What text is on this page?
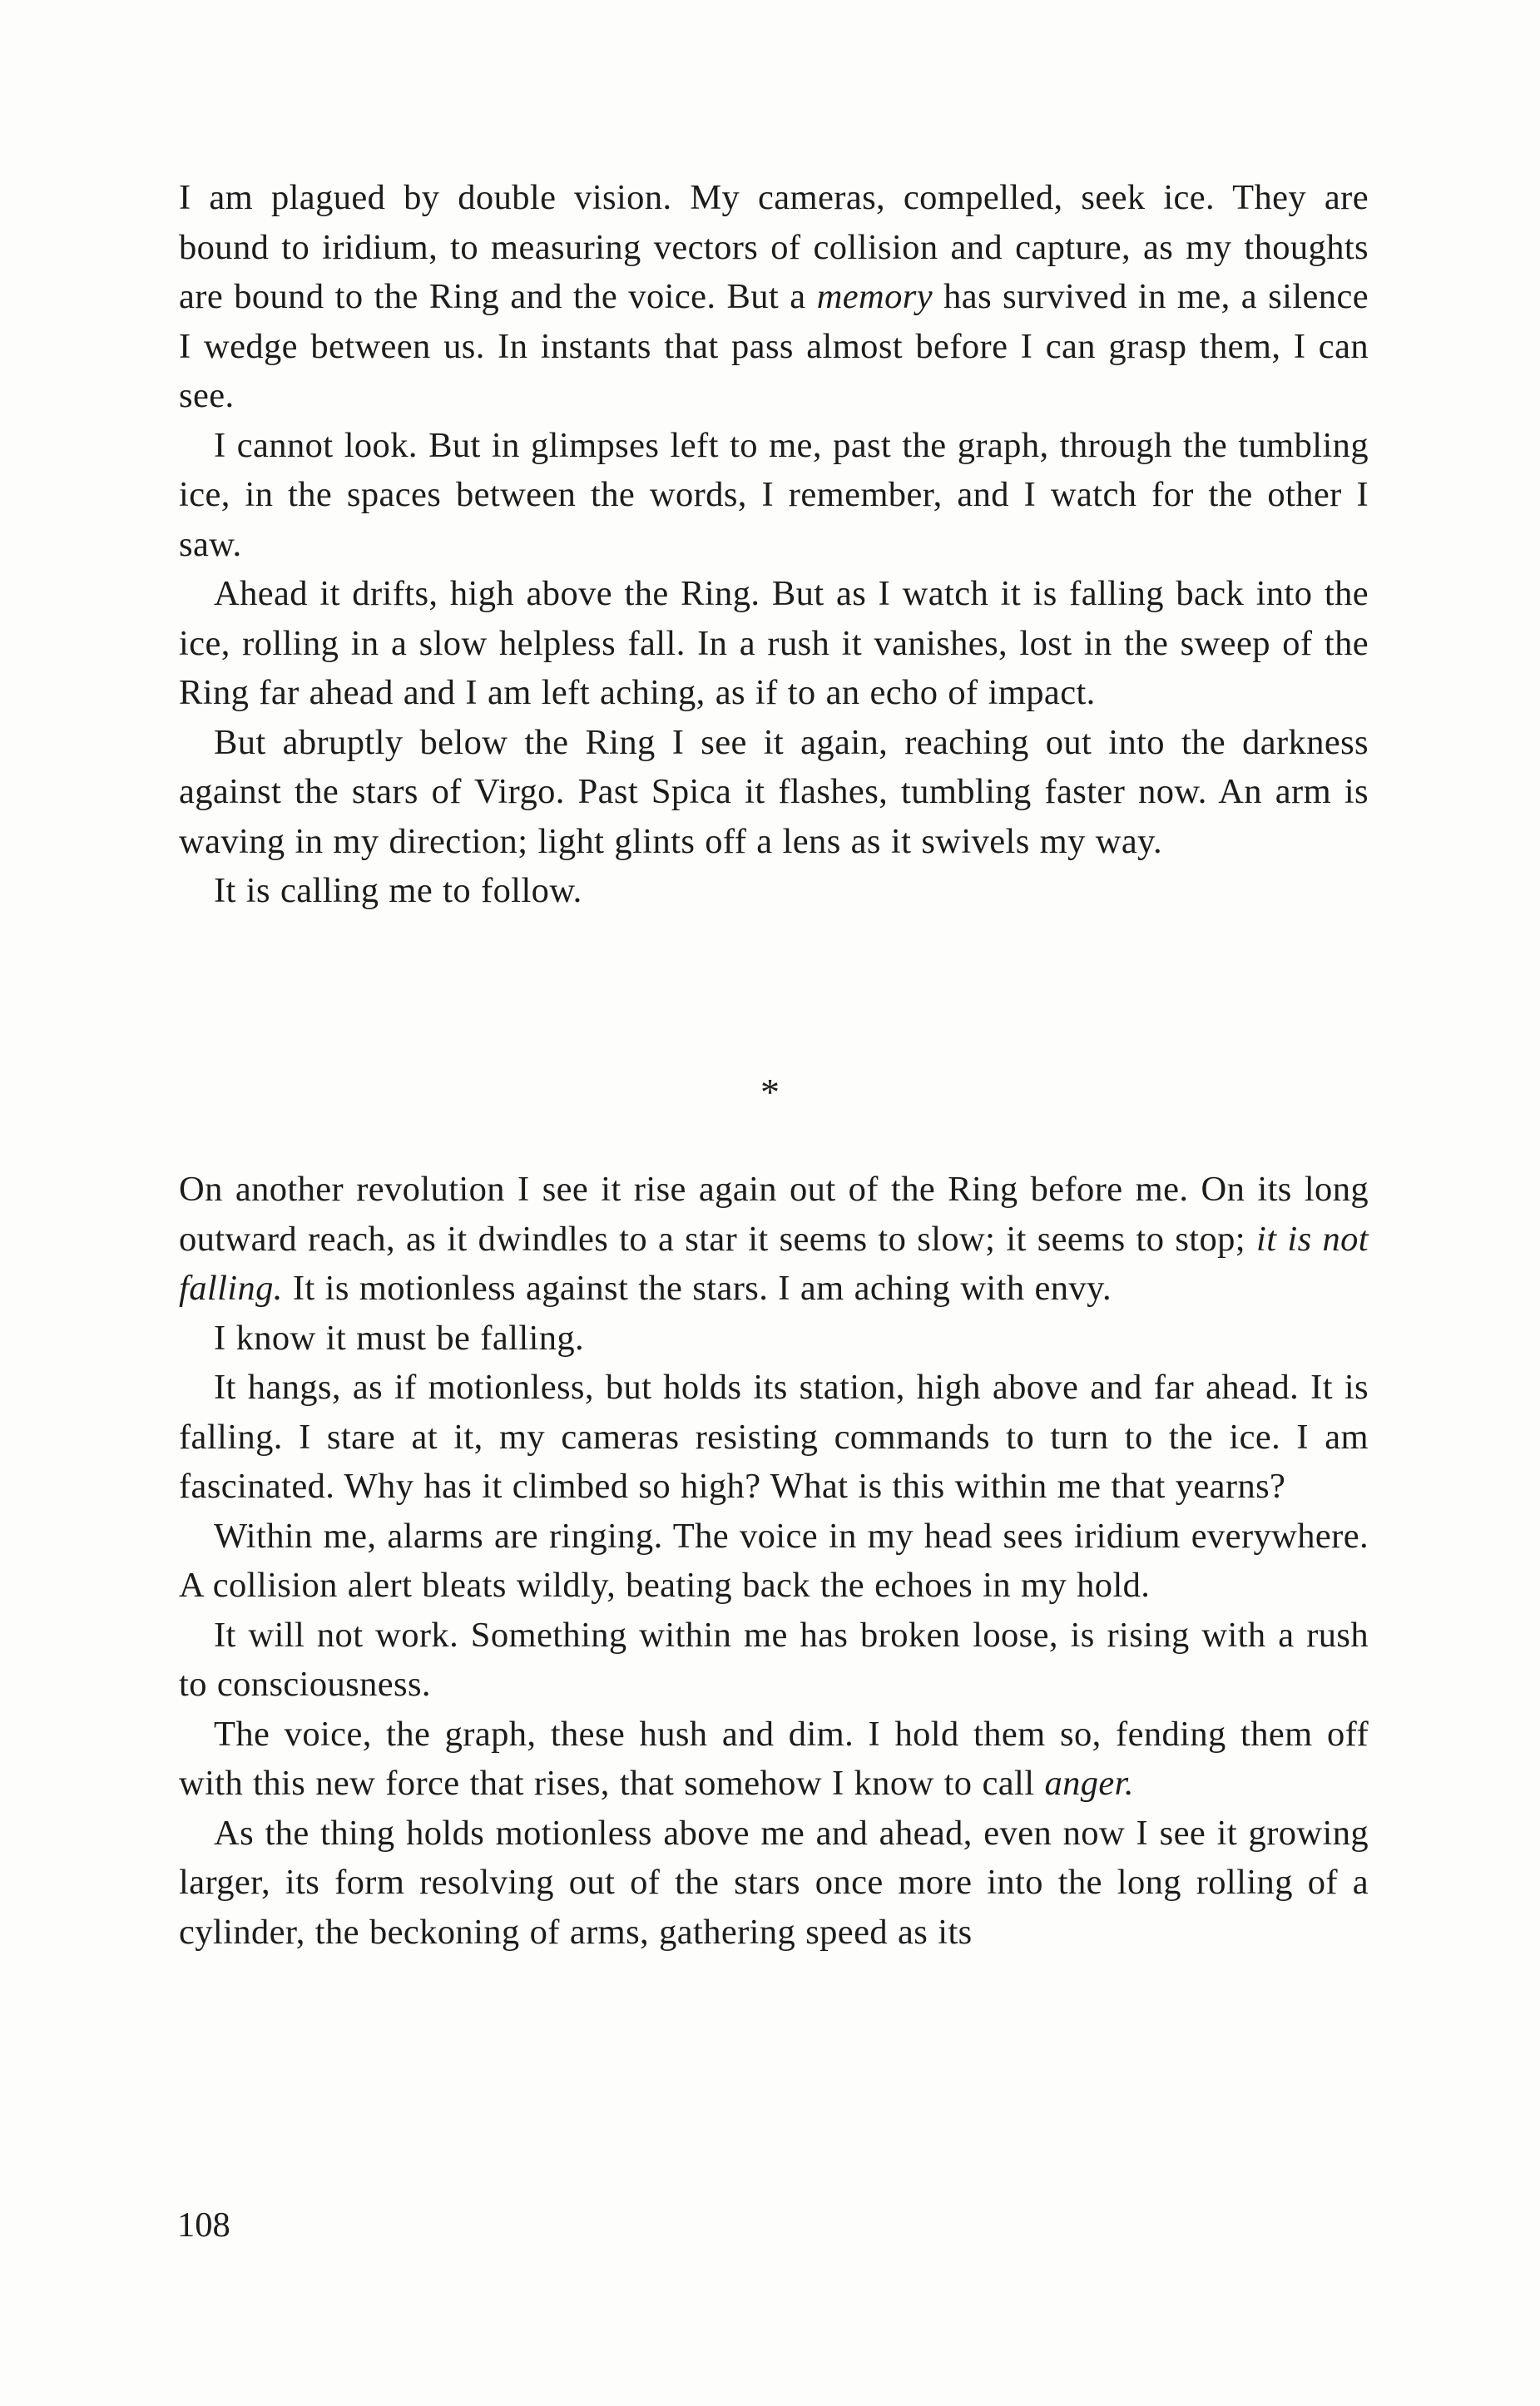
I am plagued by double vision. My cameras, compelled, seek ice. They are bound to iridium, to measuring vectors of collision and capture, as my thoughts are bound to the Ring and the voice. But a memory has survived in me, a silence I wedge between us. In instants that pass almost before I can grasp them, I can see.

I cannot look. But in glimpses left to me, past the graph, through the tumbling ice, in the spaces between the words, I remember, and I watch for the other I saw.

Ahead it drifts, high above the Ring. But as I watch it is falling back into the ice, rolling in a slow helpless fall. In a rush it vanishes, lost in the sweep of the Ring far ahead and I am left aching, as if to an echo of impact.

But abruptly below the Ring I see it again, reaching out into the darkness against the stars of Virgo. Past Spica it flashes, tumbling faster now. An arm is waving in my direction; light glints off a lens as it swivels my way.

It is calling me to follow.

*

On another revolution I see it rise again out of the Ring before me. On its long outward reach, as it dwindles to a star it seems to slow; it seems to stop; it is not falling. It is motionless against the stars. I am aching with envy.

I know it must be falling.

It hangs, as if motionless, but holds its station, high above and far ahead. It is falling. I stare at it, my cameras resisting commands to turn to the ice. I am fascinated. Why has it climbed so high? What is this within me that yearns?

Within me, alarms are ringing. The voice in my head sees iridium everywhere. A collision alert bleats wildly, beating back the echoes in my hold.

It will not work. Something within me has broken loose, is rising with a rush to consciousness.

The voice, the graph, these hush and dim. I hold them so, fending them off with this new force that rises, that somehow I know to call anger.

As the thing holds motionless above me and ahead, even now I see it growing larger, its form resolving out of the stars once more into the long rolling of a cylinder, the beckoning of arms, gathering speed as its

108
